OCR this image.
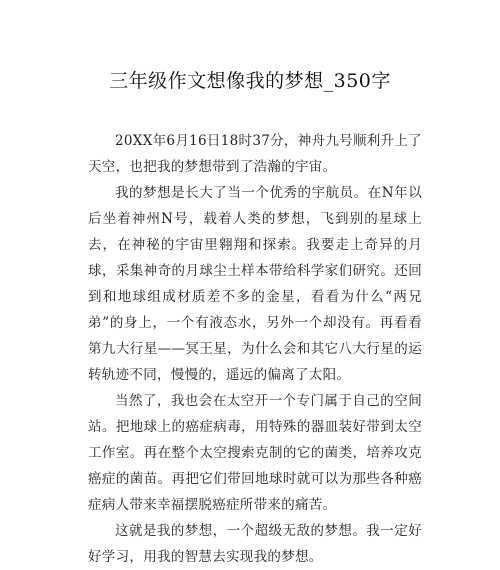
三年级作文想像我的梦想_350字

20XX年6月16日18时37分，神舟九号顺利升上了天空，也把我的梦想带到了浩瀚的宇宙。

我的梦想是长大了当一个优秀的宇航员。在N年以后坐着神州N号，载着人类的梦想，飞到别的星球上去，在神秘的宇宙里翱翔和探索。我要走上奇异的月球，采集神奇的月球尘土样本带给科学家们研究。还回到和地球组成材质差不多的金星，看看为什么“两兄弟”的身上，一个有液态水，另外一个却没有。再看看第九大行星——冥王星，为什么会和其它八大行星的运转轨迹不同，慢慢的，遥远的偏离了太阳。

当然了，我也会在太空开一个专门属于自己的空间站。把地球上的癌症病毒，用特殊的器皿装好带到太空工作室。再在整个太空搜索克制的它的菌类，培养攻克癌症的菌苗。再把它们带回地球时就可以为那些各种癌症病人带来幸福摆脱癌症所带来的痛苦。

这就是我的梦想，一个超级无敌的梦想。我一定好好学习，用我的智慧去实现我的梦想。
